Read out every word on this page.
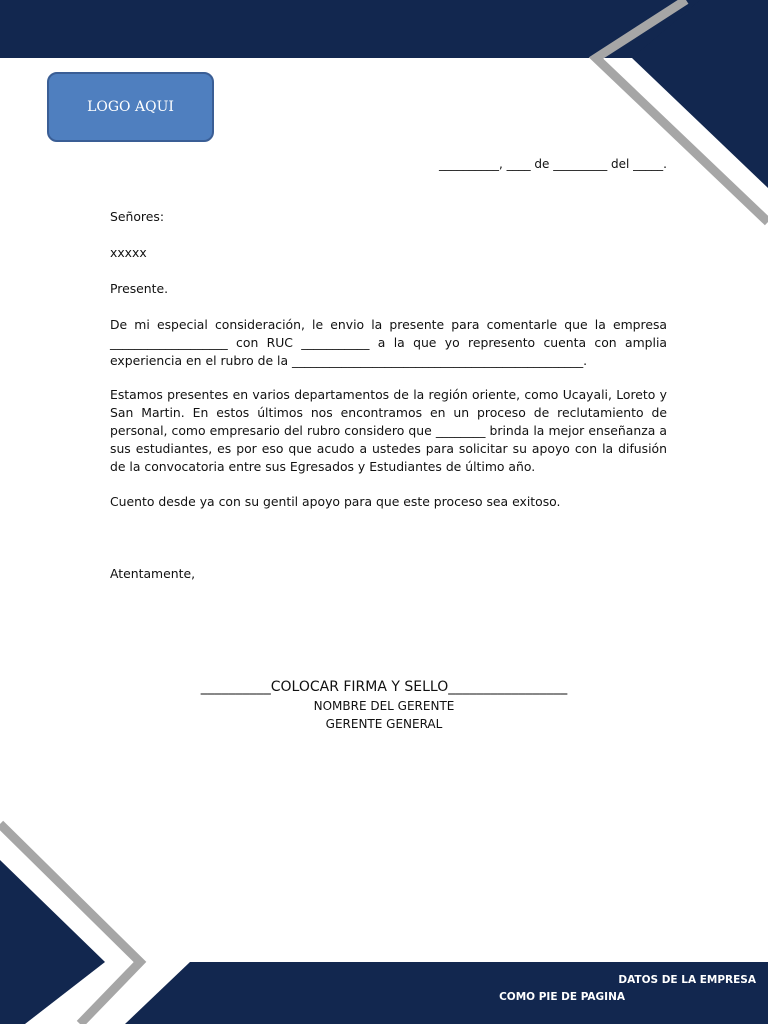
LOGO AQUI
__________, ____ de _________ del _____.
Señores:
xxxxx
Presente.
De mi especial consideración, le envio la presente para comentarle que la empresa ___________________ con RUC ___________ a la que yo represento cuenta con amplia experiencia en el rubro de la _______________________________________________.
Estamos presentes en varios departamentos de la región oriente, como Ucayali, Loreto y San Martin. En estos últimos nos encontramos en un proceso de reclutamiento de personal, como empresario del rubro considero que ________ brinda la mejor enseñanza a sus estudiantes, es por eso que acudo a ustedes para solicitar su apoyo con la difusión de la convocatoria entre sus Egresados y Estudiantes de último año.
Cuento desde ya con su gentil apoyo para que este proceso sea exitoso.
Atentamente,
__________COLOCAR FIRMA Y SELLO_________________
NOMBRE DEL GERENTE
GERENTE GENERAL
DATOS DE LA EMPRESA
COMO PIE DE PAGINA
